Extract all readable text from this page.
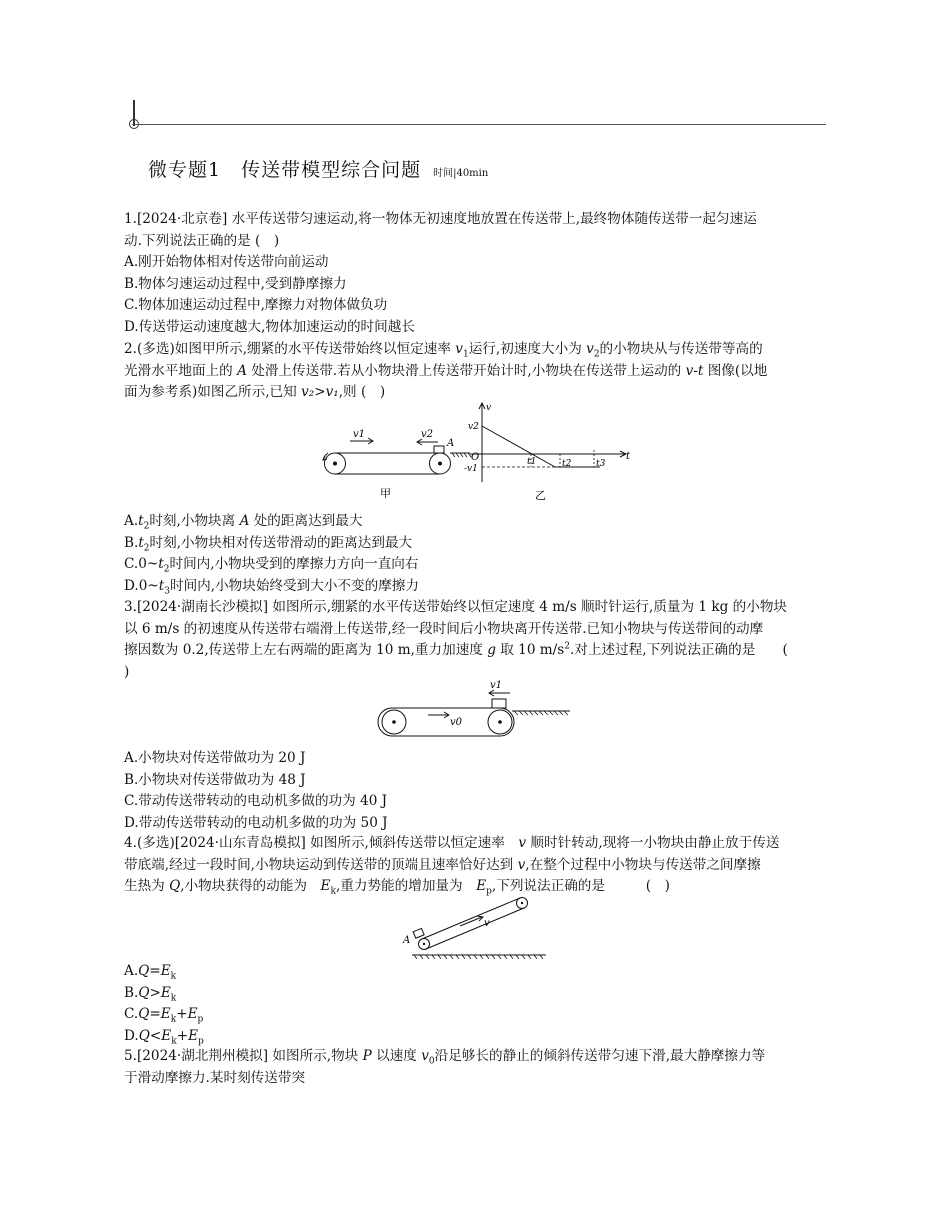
微专题1　传送带模型综合问题 时间|40min
1.[2024·北京卷] 水平传送带匀速运动,将一物体无初速度地放置在传送带上,最终物体随传送带一起匀速运
动.下列说法正确的是 (　)
A.刚开始物体相对传送带向前运动
B.物体匀速运动过程中,受到静摩擦力
C.物体加速运动过程中,摩擦力对物体做负功
D.传送带运动速度越大,物体加速运动的时间越长
2.(多选)如图甲所示,绷紧的水平传送带始终以恒定速率 $v_1$运行,初速度大小为 $v_2$的小物块从与传送带等高的
光滑水平地面上的 A 处滑上传送带.若从小物块滑上传送带开始计时,小物块在传送带上运动的 v-t 图像(以地
面为参考系)如图乙所示,已知 v₂>v₁,则 (　)
v1	v2
A
甲
v
v2
O
-v1
t
t1	t2	t3
乙
$A.t_2$时刻,小物块离 A 处的距离达到最大
$B.t_2$时刻,小物块相对传送带滑动的距离达到最大
$C.0\sim t_2$时间内,小物块受到的摩擦力方向一直向右
$D.0\sim t_3$时间内,小物块始终受到大小不变的摩擦力
3.[2024·湖南长沙模拟] 如图所示,绷紧的水平传送带始终以恒定速度 4 m/s 顺时针运行,质量为 1 kg 的小物块
以 6 m/s 的初速度从传送带右端滑上传送带,经一段时间后小物块离开传送带.已知小物块与传送带间的动摩
擦因数为 0.2,传送带上左右两端的距离为 10 m,重力加速度 g 取 10 $m/s^2$.对上述过程,下列说法正确的是　　(
)
v1
v0
A.小物块对传送带做功为 20 J
B.小物块对传送带做功为 48 J
C.带动传送带转动的电动机多做的功为 40 J
D.带动传送带转动的电动机多做的功为 50 J
4.(多选)[2024·山东青岛模拟] 如图所示,倾斜传送带以恒定速率　 v 顺时针转动,现将一小物块由静止放于传送
带底端,经过一段时间,小物块运动到传送带的顶端且速率恰好达到 v,在整个过程中小物块与传送带之间摩擦
生热为 Q,小物块获得的动能为　 $E_k$,重力势能的增加量为　 $E_p$,下列说法正确的是　　　(　)
v
A
$A.Q=E_k$
$B.Q>E_k$
$C.Q=E_k+E_p$
$D.Q<E_k+E_p$
5.[2024·湖北荆州模拟] 如图所示,物块 P 以速度 $v_0$沿足够长的静止的倾斜传送带匀速下滑,最大静摩擦力等
于滑动摩擦力.某时刻传送带突
